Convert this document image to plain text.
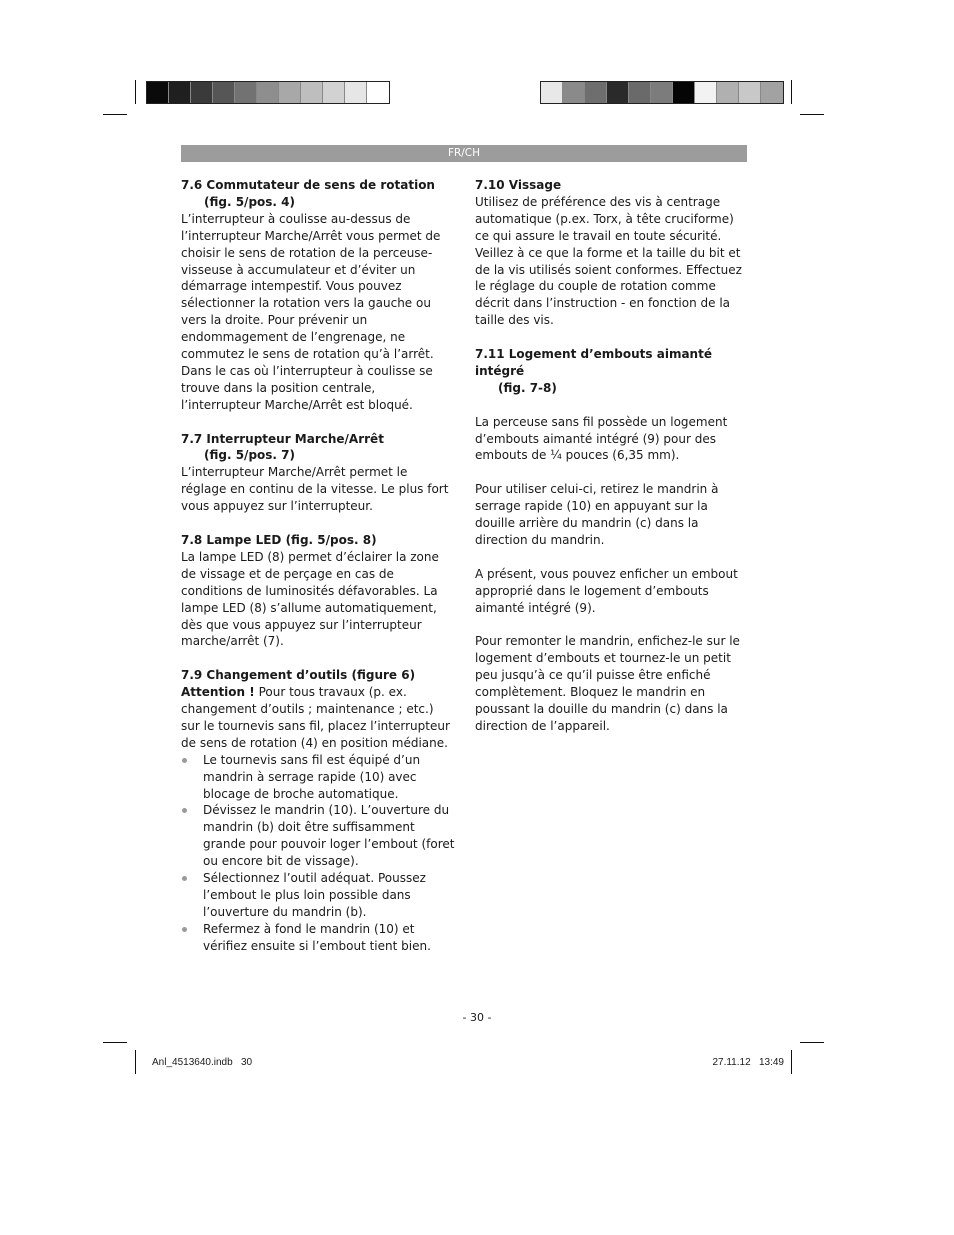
FR/CH
7.6 Commutateur de sens de rotation
(fig. 5/pos. 4)

L’interrupteur à coulisse au-dessus de l’interrupteur Marche/Arrêt vous permet de choisir le sens de rotation de la perceuse-visseuse à accumulateur et d’éviter un démarrage intempestif. Vous pouvez sélectionner la rotation vers la gauche ou vers la droite. Pour prévenir un endommagement de l’engrenage, ne commutez le sens de rotation qu’à l’arrêt. Dans le cas où l’interrupteur à coulisse se trouve dans la position centrale, l’interrupteur Marche/Arrêt est bloqué.

7.7 Interrupteur Marche/Arrêt
(fig. 5/pos. 7)

L’interrupteur Marche/Arrêt permet le réglage en continu de la vitesse. Le plus fort vous appuyez sur l’interrupteur.

7.8 Lampe LED (fig. 5/pos. 8)

La lampe LED (8) permet d’éclairer la zone de vissage et de perçage en cas de conditions de luminosités défavorables. La lampe LED (8) s’allume automatiquement, dès que vous appuyez sur l’interrupteur marche/arrêt (7).

7.9 Changement d’outils (figure 6)

Attention ! Pour tous travaux (p. ex. changement d’outils ; maintenance ; etc.) sur le tournevis sans fil, placez l’interrupteur de sens de rotation (4) en position médiane.

Le tournevis sans fil est équipé d’un mandrin à serrage rapide (10) avec blocage de broche automatique.
Dévissez le mandrin (10). L’ouverture du mandrin (b) doit être suffisamment grande pour pouvoir loger l’embout (foret ou encore bit de vissage).
Sélectionnez l’outil adéquat. Poussez l’embout le plus loin possible dans l’ouverture du mandrin (b).
Refermez à fond le mandrin (10) et vérifiez ensuite si l’embout tient bien.
7.10 Vissage

Utilisez de préférence des vis à centrage automatique (p.ex. Torx, à tête cruciforme) ce qui assure le travail en toute sécurité. Veillez à ce que la forme et la taille du bit et de la vis utilisés soient conformes. Effectuez le réglage du couple de rotation comme décrit dans l’instruction - en fonction de la taille des vis.

7.11 Logement d’embouts aimanté intégré
(fig. 7-8)

La perceuse sans fil possède un logement d’embouts aimanté intégré (9) pour des embouts de ¼ pouces (6,35 mm).

Pour utiliser celui-ci, retirez le mandrin à serrage rapide (10) en appuyant sur la douille arrière du mandrin (c) dans la direction du mandrin.

A présent, vous pouvez enficher un embout approprié dans le logement d’embouts aimanté intégré (9).

Pour remonter le mandrin, enfichez-le sur le logement d’embouts et tournez-le un petit peu jusqu’à ce qu’il puisse être enfiché complètement. Bloquez le mandrin en poussant la douille du mandrin (c) dans la direction de l’appareil.

- 30 -
Anl_4513640.indb   30	27.11.12   13:49
